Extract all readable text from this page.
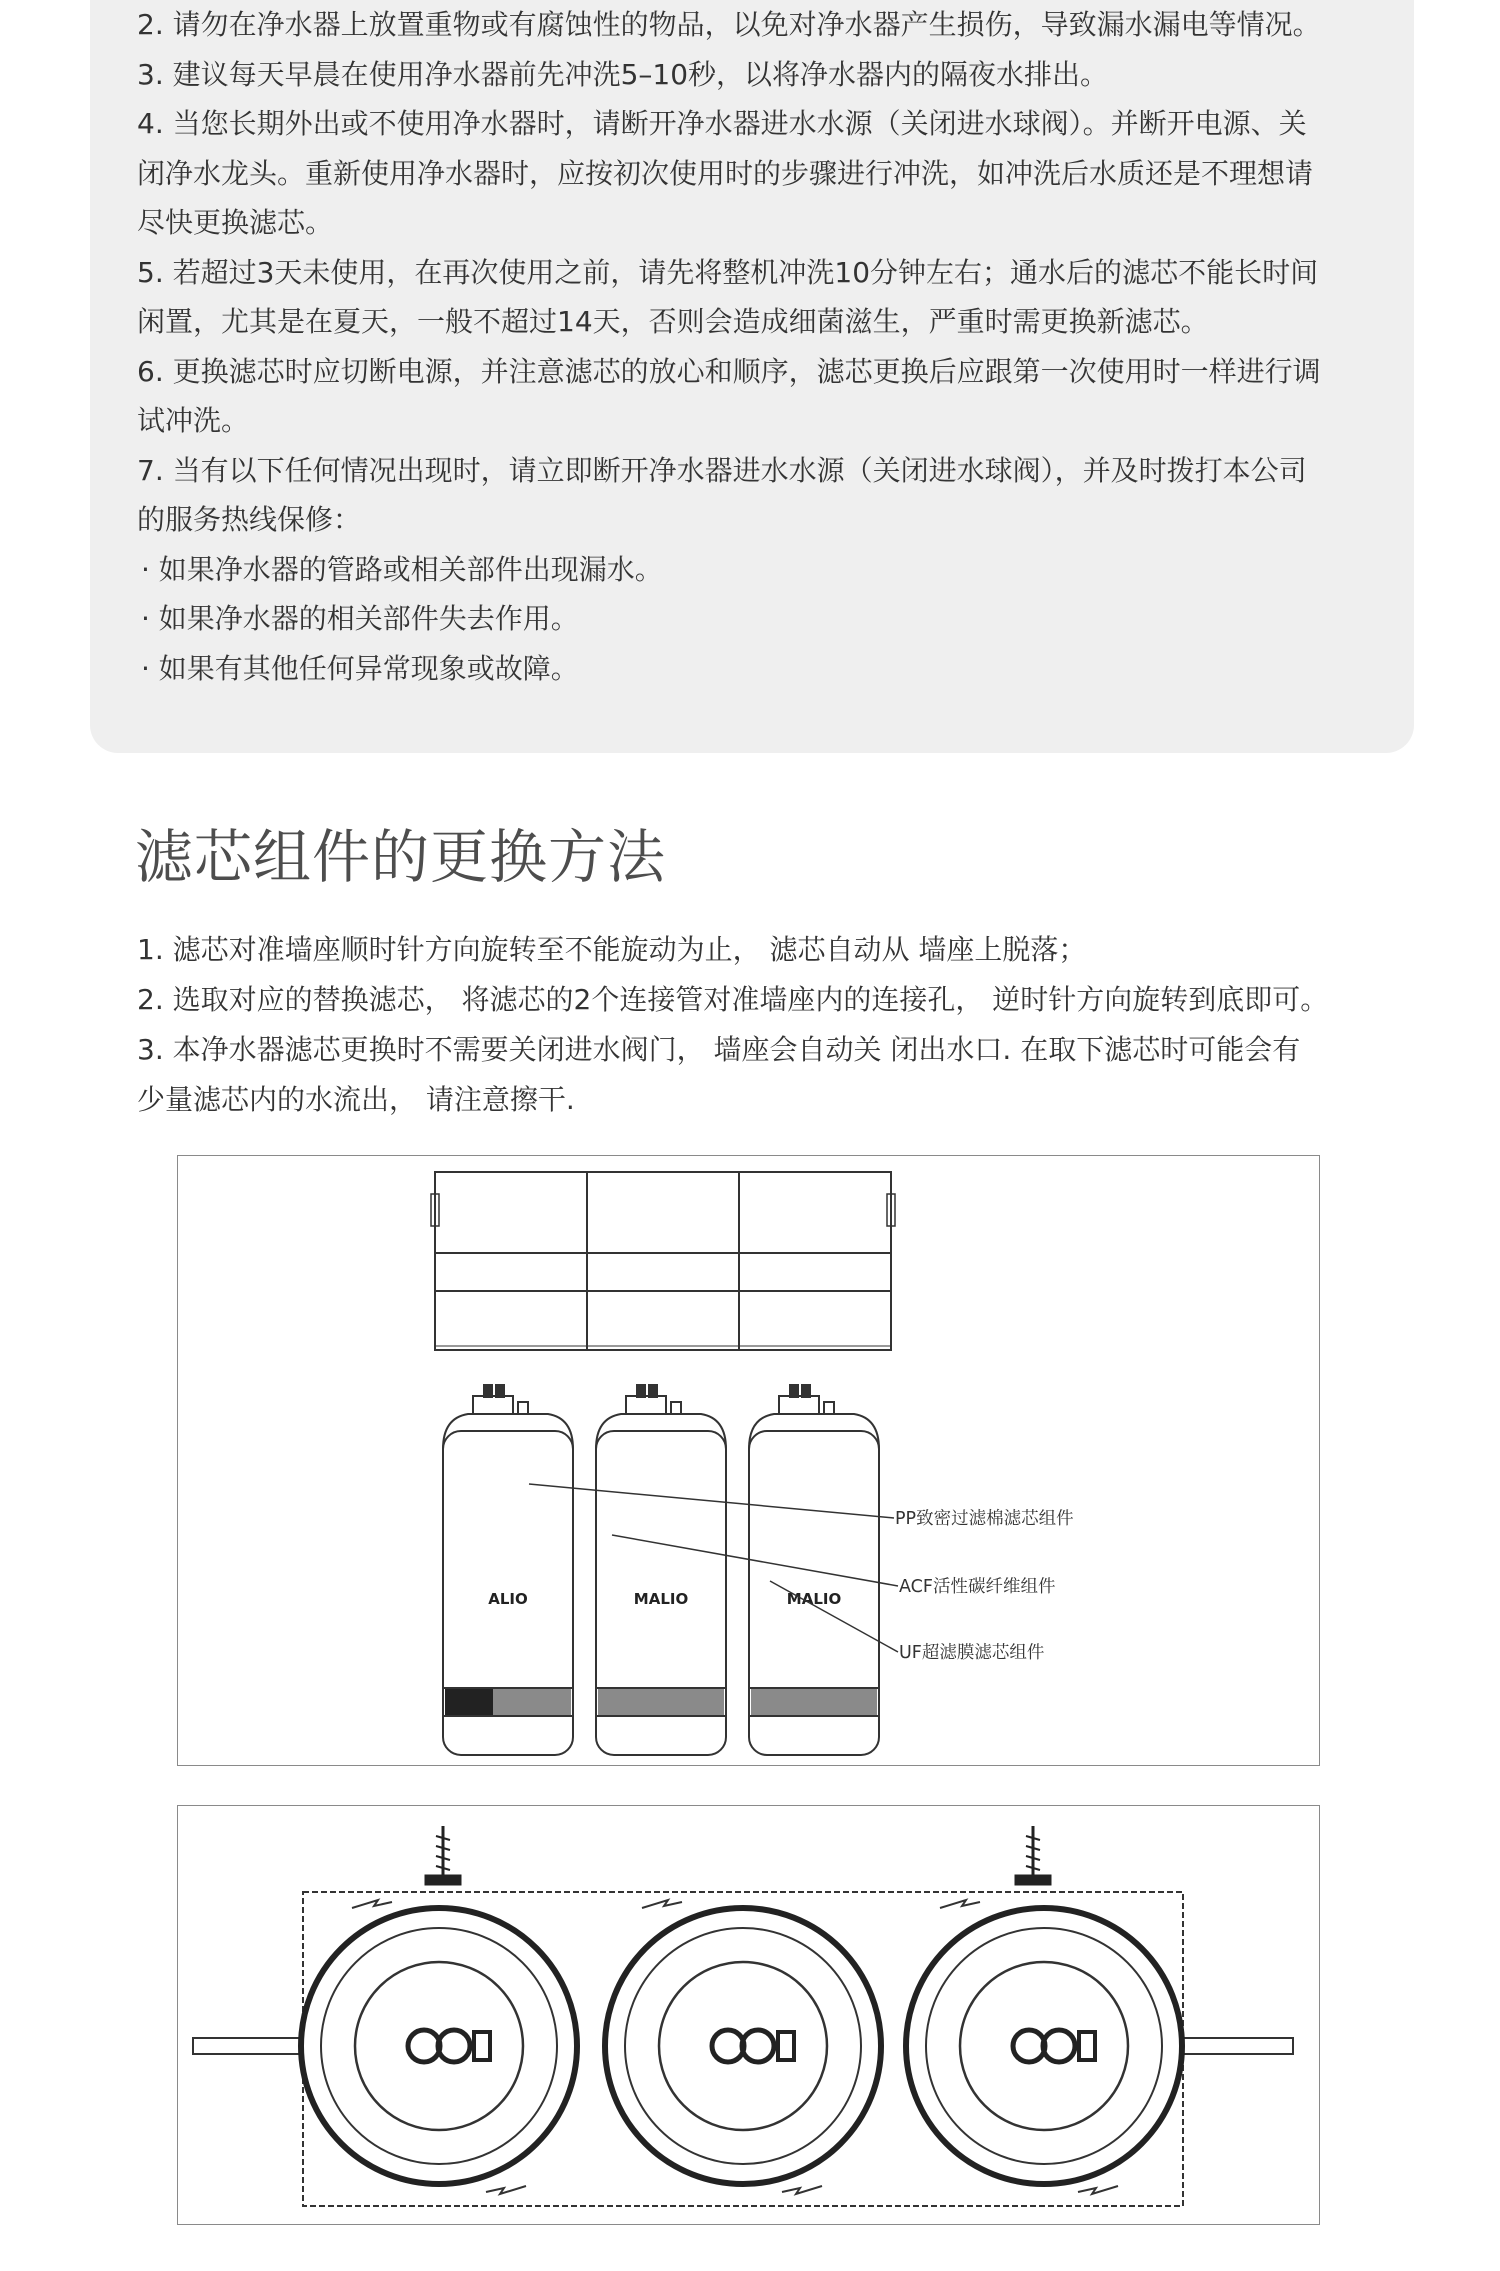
2. 请勿在净水器上放置重物或有腐蚀性的物品，以免对净水器产生损伤，导致漏水漏电等情况。

3. 建议每天早晨在使用净水器前先冲洗5–10秒，以将净水器内的隔夜水排出。

4. 当您长期外出或不使用净水器时，请断开净水器进水水源（关闭进水球阀）。并断开电源、关

闭净水龙头。重新使用净水器时，应按初次使用时的步骤进行冲洗，如冲洗后水质还是不理想请

尽快更换滤芯。

5. 若超过3天未使用，在再次使用之前，请先将整机冲洗10分钟左右；通水后的滤芯不能长时间

闲置，尤其是在夏天，一般不超过14天，否则会造成细菌滋生，严重时需更换新滤芯。

6. 更换滤芯时应切断电源，并注意滤芯的放心和顺序，滤芯更换后应跟第一次使用时一样进行调

试冲洗。

7. 当有以下任何情况出现时，请立即断开净水器进水水源（关闭进水球阀），并及时拨打本公司

的服务热线保修：

· 如果净水器的管路或相关部件出现漏水。

· 如果净水器的相关部件失去作用。

· 如果有其他任何异常现象或故障。

滤芯组件的更换方法

1. 滤芯对准墙座顺时针方向旋转至不能旋动为止， 滤芯自动从 墙座上脱落；

2. 选取对应的替换滤芯， 将滤芯的2个连接管对准墙座内的连接孔， 逆时针方向旋转到底即可。

3. 本净水器滤芯更换时不需要关闭进水阀门， 墙座会自动关 闭出水口. 在取下滤芯时可能会有

少量滤芯内的水流出， 请注意擦干.

ALIO	MALIO	MALIO
PP致密过滤棉滤芯组件
ACF活性碳纤维组件
UF超滤膜滤芯组件
